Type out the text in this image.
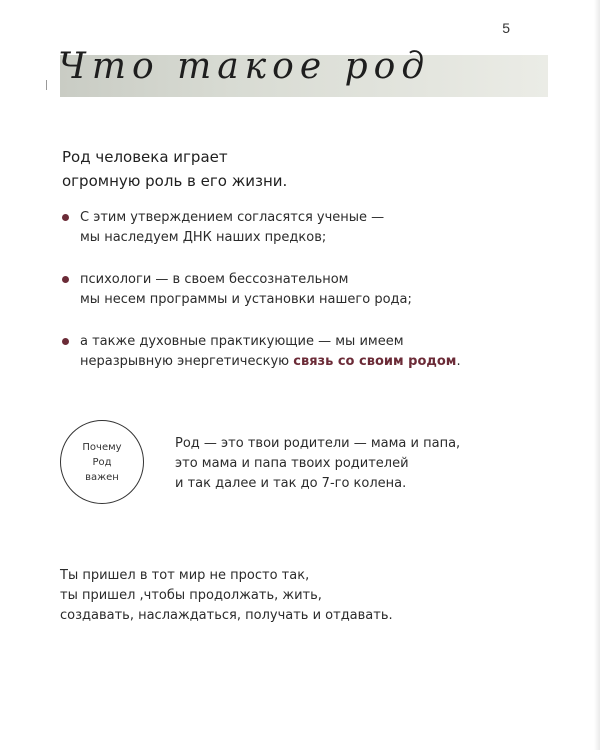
5
Что такое род
Род человека играет
огромную роль в его жизни.
С этим утверждением согласятся ученые —
мы наследуем ДНК наших предков;
психологи — в своем бессознательном
мы несем программы и установки нашего рода;
а также духовные практикующие — мы имеем
неразрывную энергетическую связь со своим родом.
Почему
Род
важен
Род — это твои родители — мама и папа,
это мама и папа твоих родителей
и так далее и так до 7-го колена.
Ты пришел в тот мир не просто так,
ты пришел ,чтобы продолжать, жить,
создавать, наслаждаться, получать и отдавать.
